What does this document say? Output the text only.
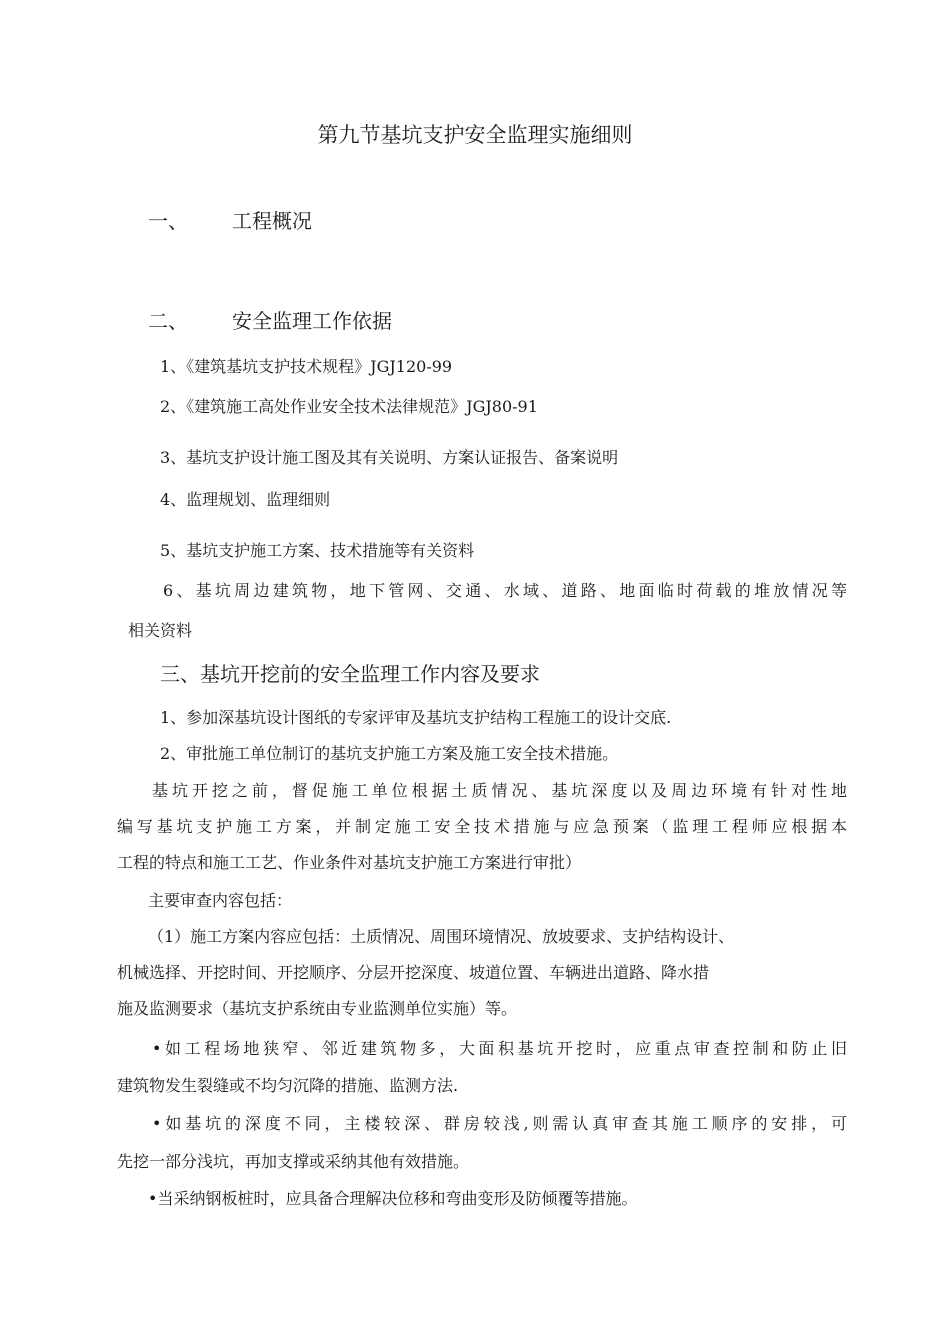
第九节基坑支护安全监理实施细则
一、 工程概况
二、 安全监理工作依据
1、《建筑基坑支护技术规程》JGJ120-99
2、《建筑施工高处作业安全技术法律规范》JGJ80-91
3、基坑支护设计施工图及其有关说明、方案认证报告、备案说明
4、监理规划、监理细则
5、基坑支护施工方案、技术措施等有关资料
6、基坑周边建筑物，地下管网、交通、水域、道路、地面临时荷载的堆放情况等
相关资料
三、基坑开挖前的安全监理工作内容及要求
1、参加深基坑设计图纸的专家评审及基坑支护结构工程施工的设计交底.
2、审批施工单位制订的基坑支护施工方案及施工安全技术措施。
基坑开挖之前，督促施工单位根据土质情况、基坑深度以及周边环境有针对性地
编写基坑支护施工方案，并制定施工安全技术措施与应急预案（监理工程师应根据本
工程的特点和施工工艺、作业条件对基坑支护施工方案进行审批）
主要审查内容包括：
（1）施工方案内容应包括：土质情况、周围环境情况、放坡要求、支护结构设计、
机械选择、开挖时间、开挖顺序、分层开挖深度、坡道位置、车辆进出道路、降水措
施及监测要求（基坑支护系统由专业监测单位实施）等。
•如工程场地狭窄、邻近建筑物多，大面积基坑开挖时，应重点审查控制和防止旧
建筑物发生裂缝或不均匀沉降的措施、监测方法.
•如基坑的深度不同，主楼较深、群房较浅,则需认真审查其施工顺序的安排，可
先挖一部分浅坑，再加支撑或采纳其他有效措施。
•当采纳钢板桩时，应具备合理解决位移和弯曲变形及防倾覆等措施。
